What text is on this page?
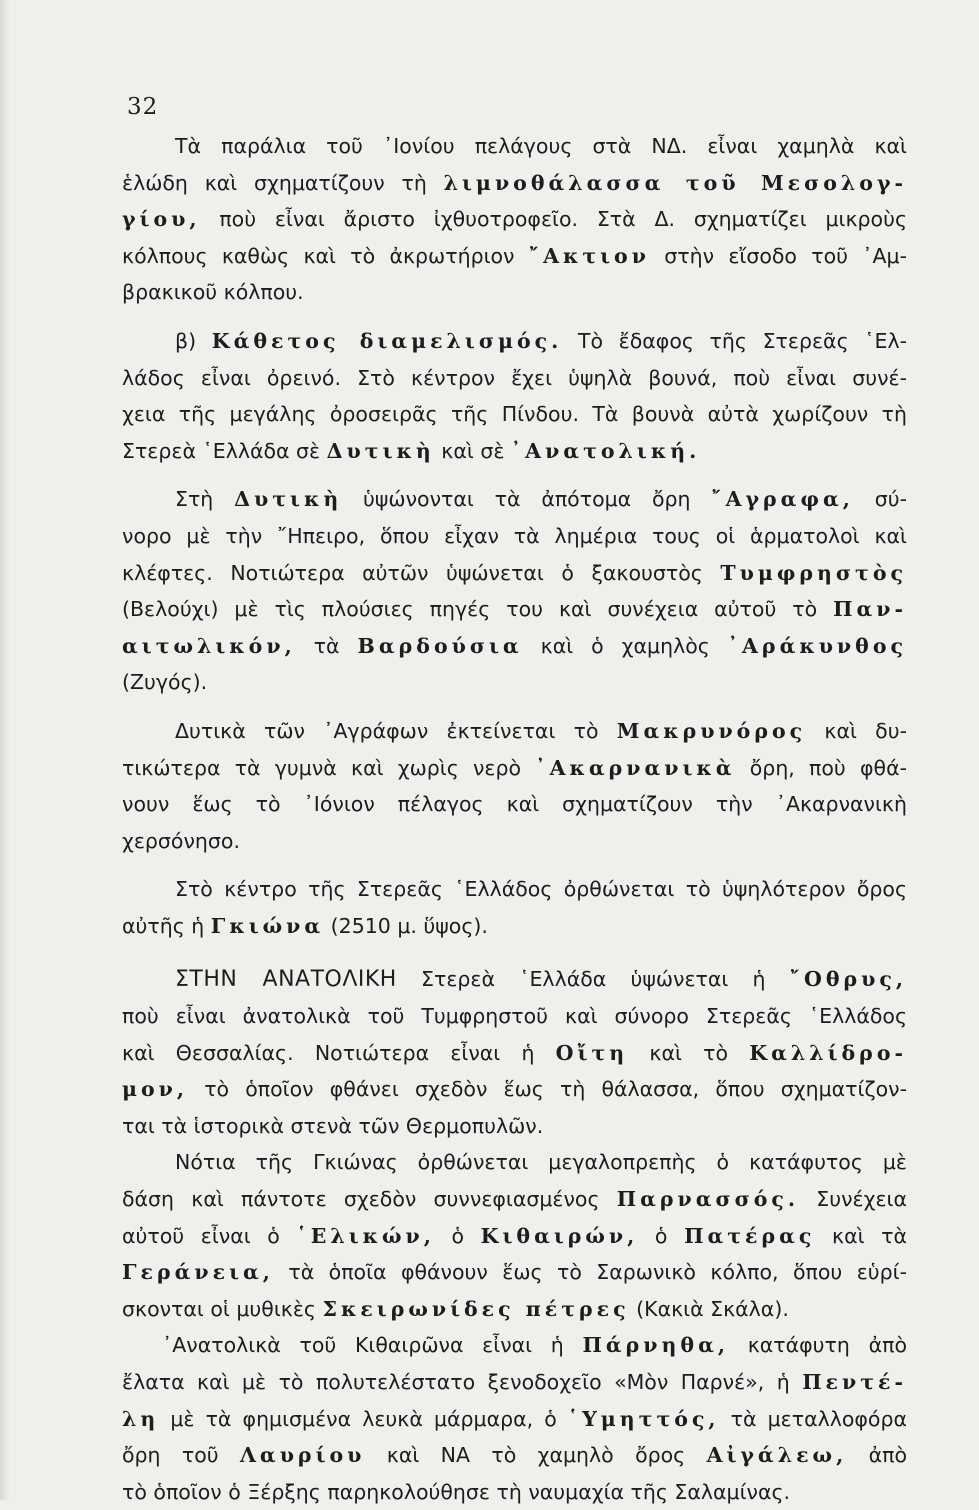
32
Τὰ παράλια τοῦ ᾿Ιονίου πελάγους στὰ ΝΔ. εἶναι χαμηλὰ καὶ
ἑλώδη καὶ σχηματίζουν τὴ λιμνοθάλασσα τοῦ Μεσολογ-
γίου, ποὺ εἶναι ἄριστο ἰχθυοτροφεῖο. Στὰ Δ. σχηματίζει μικροὺς
κόλπους καθὼς καὶ τὸ ἀκρωτήριον ῎Ακτιον στὴν εἴσοδο τοῦ ᾿Αμ-
βρακικοῦ κόλπου.
β) Κάθετος διαμελισμός. Τὸ ἔδαφος τῆς Στερεᾶς ῾Ελ-
λάδος εἶναι ὀρεινό. Στὸ κέντρον ἔχει ὑψηλὰ βουνά, ποὺ εἶναι συνέ-
χεια τῆς μεγάλης ὀροσειρᾶς τῆς Πίνδου. Τὰ βουνὰ αὐτὰ χωρίζουν τὴ
Στερεὰ ῾Ελλάδα σὲ Δυτικὴ καὶ σὲ ᾿Ανατολική.
Στὴ Δυτικὴ ὑψώνονται τὰ ἀπότομα ὄρη ῎Αγραφα, σύ-
νορο μὲ τὴν ῎Ηπειρο, ὅπου εἶχαν τὰ λημέρια τους οἱ ἁρματολοὶ καὶ
κλέφτες. Νοτιώτερα αὐτῶν ὑψώνεται ὁ ξακουστὸς Τυμφρηστὸς
(Βελούχι) μὲ τὶς πλούσιες πηγές του καὶ συνέχεια αὐτοῦ τὸ Παν-
αιτωλικόν, τὰ Βαρδούσια καὶ ὁ χαμηλὸς ᾿Αράκυνθος
(Ζυγός).
Δυτικὰ τῶν ᾿Αγράφων ἐκτείνεται τὸ Μακρυνόρος καὶ δυ-
τικώτερα τὰ γυμνὰ καὶ χωρὶς νερὸ ᾿Ακαρνανικὰ ὄρη, ποὺ φθά-
νουν ἕως τὸ ᾿Ιόνιον πέλαγος καὶ σχηματίζουν τὴν ᾿Ακαρνανικὴ
χερσόνησο.
Στὸ κέντρο τῆς Στερεᾶς ῾Ελλάδος ὀρθώνεται τὸ ὑψηλότερον ὄρος
αὐτῆς ἡ Γκιώνα (2510 μ. ὕψος).
ΣΤΗΝ ΑΝΑΤΟΛΙΚΗ Στερεὰ ῾Ελλάδα ὑψώνεται ἡ ῎Οθρυς,
ποὺ εἶναι ἀνατολικὰ τοῦ Τυμφρηστοῦ καὶ σύνορο Στερεᾶς ῾Ελλάδος
καὶ Θεσσαλίας. Νοτιώτερα εἶναι ἡ Οἴτη καὶ τὸ Καλλίδρο-
μον, τὸ ὁποῖον φθάνει σχεδὸν ἕως τὴ θάλασσα, ὅπου σχηματίζον-
ται τὰ ἱστορικὰ στενὰ τῶν Θερμοπυλῶν.
Νότια τῆς Γκιώνας ὀρθώνεται μεγαλοπρεπὴς ὁ κατάφυτος μὲ
δάση καὶ πάντοτε σχεδὸν συννεφιασμένος Παρνασσός. Συνέχεια
αὐτοῦ εἶναι ὁ ῾Ελικών, ὁ Κιθαιρών, ὁ Πατέρας καὶ τὰ
Γεράνεια, τὰ ὁποῖα φθάνουν ἕως τὸ Σαρωνικὸ κόλπο, ὅπου εὑρί-
σκονται οἱ μυθικὲς Σκειρωνίδες πέτρες (Κακιὰ Σκάλα).
᾿Ανατολικὰ τοῦ Κιθαιρῶνα εἶναι ἡ Πάρνηθα, κατάφυτη ἀπὸ
ἔλατα καὶ μὲ τὸ πολυτελέστατο ξενοδοχεῖο «Μὸν Παρνέ», ἡ Πεντέ-
λη μὲ τὰ φημισμένα λευκὰ μάρμαρα, ὁ ῾Υμηττός, τὰ μεταλλοφόρα
ὄρη τοῦ Λαυρίου καὶ ΝΑ τὸ χαμηλὸ ὄρος Αἰγάλεω, ἀπὸ
τὸ ὁποῖον ὁ Ξέρξης παρηκολούθησε τὴ ναυμαχία τῆς Σαλαμίνας.
